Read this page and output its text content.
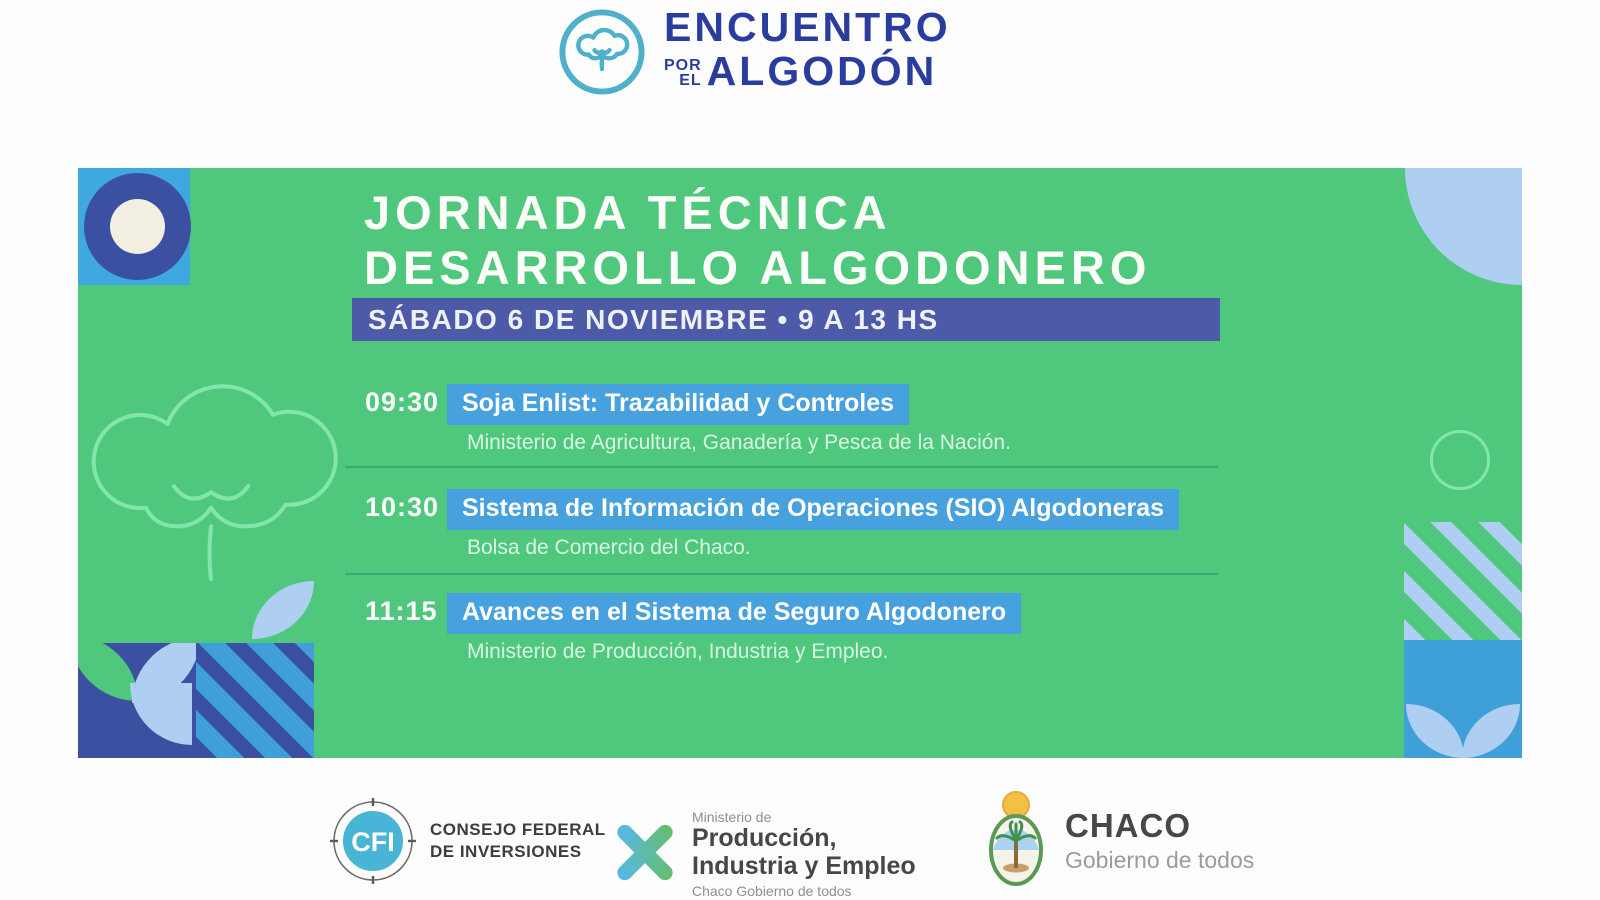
ENCUENTRO
POR
EL ALGODÓN
JORNADA TÉCNICA
DESARROLLO ALGODONERO
SÁBADO 6 DE NOVIEMBRE • 9 A 13 HS
09:30 Soja Enlist: Trazabilidad y Controles
Ministerio de Agricultura, Ganadería y Pesca de la Nación.
10:30 Sistema de Información de Operaciones (SIO) Algodoneras
Bolsa de Comercio del Chaco.
11:15 Avances en el Sistema de Seguro Algodonero
Ministerio de Producción, Industria y Empleo.
CFI CONSEJO FEDERAL
DE INVERSIONES
Ministerio de
Producción,
Industria y Empleo
Chaco Gobierno de todos
CHACO
Gobierno de todos
